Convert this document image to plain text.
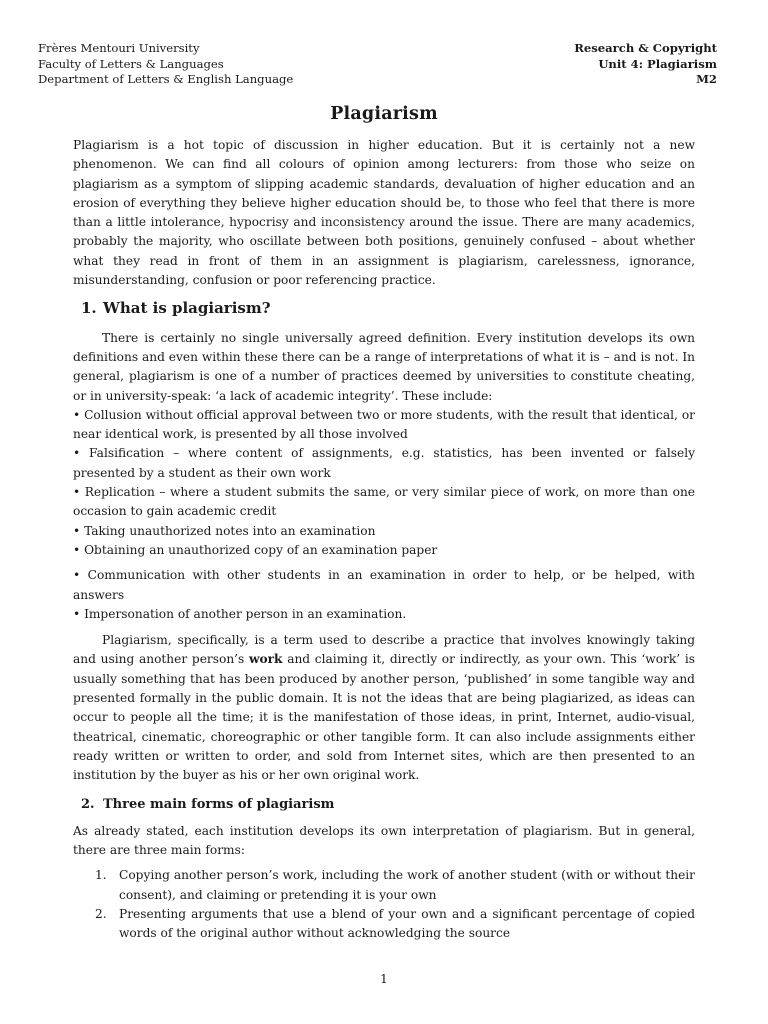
Frères Mentouri University
Faculty of Letters & Languages
Department of Letters & English Language
Research & Copyright
Unit 4: Plagiarism
M2
Plagiarism

Plagiarism is a hot topic of discussion in higher education. But it is certainly not a new phenomenon. We can find all colours of opinion among lecturers: from those who seize on plagiarism as a symptom of slipping academic standards, devaluation of higher education and an erosion of everything they believe higher education should be, to those who feel that there is more than a little intolerance, hypocrisy and inconsistency around the issue. There are many academics, probably the majority, who oscillate between both positions, genuinely confused – about whether what they read in front of them in an assignment is plagiarism, carelessness, ignorance, misunderstanding, confusion or poor referencing practice.

1. What is plagiarism?

There is certainly no single universally agreed definition. Every institution develops its own definitions and even within these there can be a range of interpretations of what it is – and is not. In general, plagiarism is one of a number of practices deemed by universities to constitute cheating, or in university-speak: ‘a lack of academic integrity’. These include:

• Collusion without official approval between two or more students, with the result that identical, or near identical work, is presented by all those involved

• Falsification – where content of assignments, e.g. statistics, has been invented or falsely presented by a student as their own work

• Replication – where a student submits the same, or very similar piece of work, on more than one occasion to gain academic credit

• Taking unauthorized notes into an examination

• Obtaining an unauthorized copy of an examination paper

• Communication with other students in an examination in order to help, or be helped, with answers

• Impersonation of another person in an examination.

Plagiarism, specifically, is a term used to describe a practice that involves knowingly taking and using another person’s work and claiming it, directly or indirectly, as your own. This ‘work’ is usually something that has been produced by another person, ‘published’ in some tangible way and presented formally in the public domain. It is not the ideas that are being plagiarized, as ideas can occur to people all the time; it is the manifestation of those ideas, in print, Internet, audio-visual, theatrical, cinematic, choreographic or other tangible form. It can also include assignments either ready written or written to order, and sold from Internet sites, which are then presented to an institution by the buyer as his or her own original work.

2. Three main forms of plagiarism

As already stated, each institution develops its own interpretation of plagiarism. But in general, there are three main forms:

1.	Copying another person’s work, including the work of another student (with or without their consent), and claiming or pretending it is your own
2.	Presenting arguments that use a blend of your own and a significant percentage of copied words of the original author without acknowledging the source
1
